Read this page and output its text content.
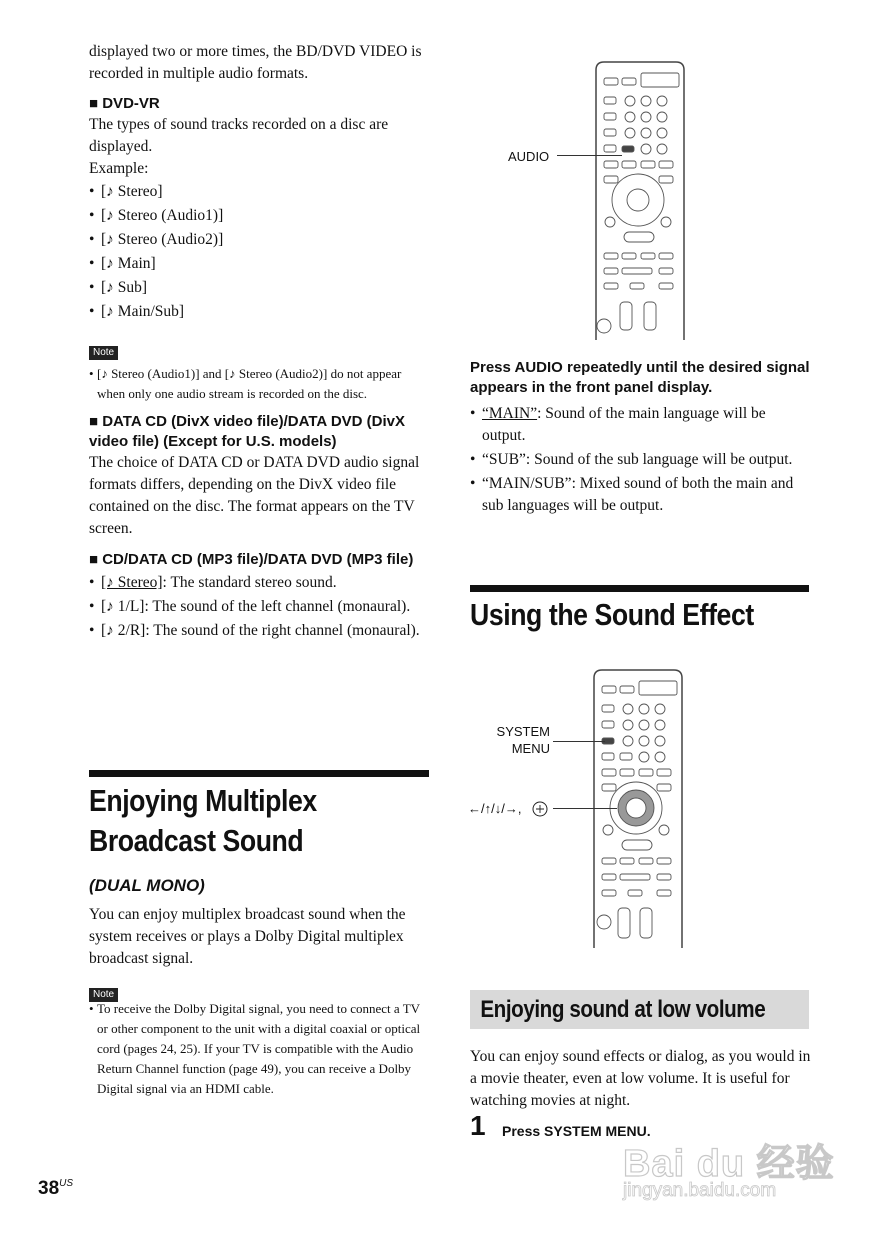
displayed two or more times, the BD/DVD VIDEO is recorded in multiple audio formats.

■ DVD-VR

The types of sound tracks recorded on a disc are displayed.

Example:

• [♪ Stereo]
• [♪ Stereo (Audio1)]
• [♪ Stereo (Audio2)]
• [♪ Main]
• [♪ Sub]
• [♪ Main/Sub]
Note
• [♪ Stereo (Audio1)] and [♪ Stereo (Audio2)] do not appear when only one audio stream is recorded on the disc.
■ DATA CD (DivX video file)/DATA DVD (DivX video file) (Except for U.S. models)

The choice of DATA CD or DATA DVD audio signal formats differs, depending on the DivX video file contained on the disc. The format appears on the TV screen.

■ CD/DATA CD (MP3 file)/DATA DVD (MP3 file)
• [♪ Stereo]: The standard stereo sound.
• [♪ 1/L]: The sound of the left channel (monaural).
• [♪ 2/R]: The sound of the right channel (monaural).
Enjoying Multiplex
Broadcast Sound
(DUAL MONO)

You can enjoy multiplex broadcast sound when the system receives or plays a Dolby Digital multiplex broadcast signal.

Note
• To receive the Dolby Digital signal, you need to connect a TV or other component to the unit with a digital coaxial or optical cord (pages 24, 25). If your TV is compatible with the Audio Return Channel function (page 49), you can receive a Dolby Digital signal via an HDMI cable.
$38^{US}$
AUDIO
Press AUDIO repeatedly until the desired signal appears in the front panel display.
• “MAIN”: Sound of the main language will be output.
• “SUB”: Sound of the sub language will be output.
• “MAIN/SUB”: Mixed sound of both the main and sub languages will be output.
Using the Sound Effect
SYSTEM
MENU
←/↑/↓/→,
Enjoying sound at low volume

You can enjoy sound effects or dialog, as you would in a movie theater, even at low volume. It is useful for watching movies at night.

1 Press SYSTEM MENU.
Bai du 经验
jingyan.baidu.com
